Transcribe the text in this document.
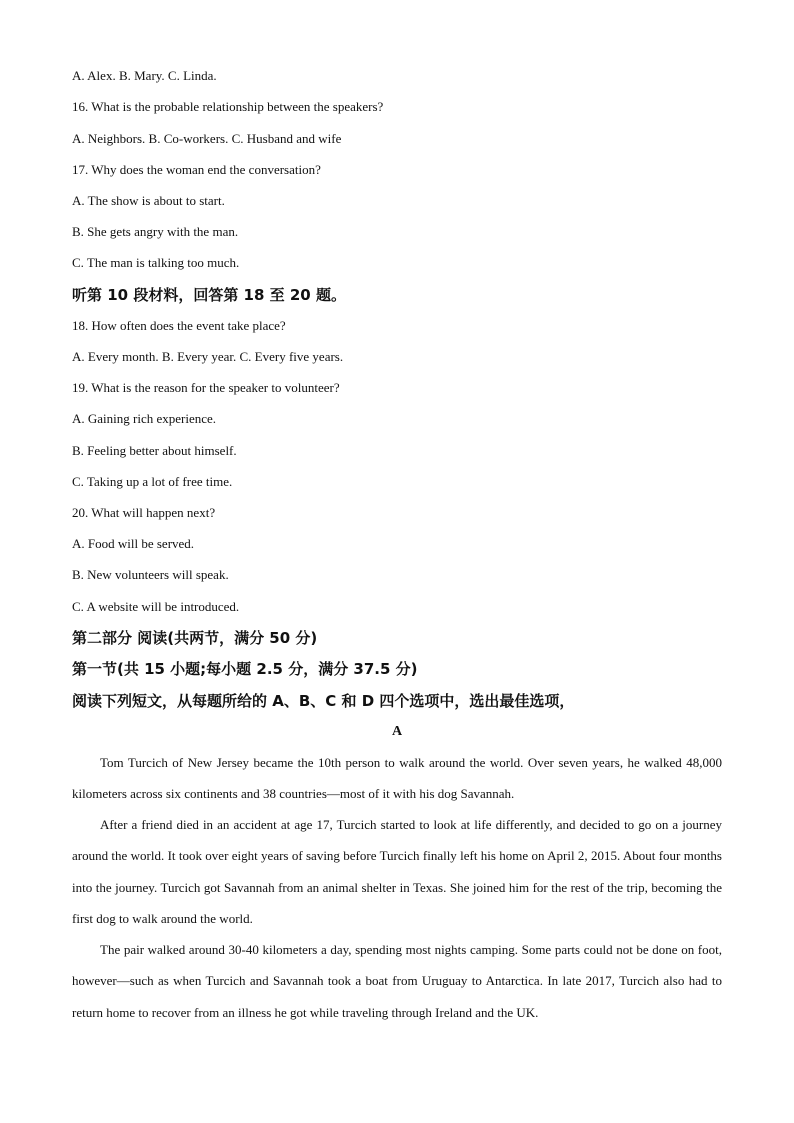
A. Alex. B. Mary. C. Linda.
16. What is the probable relationship between the speakers?
A. Neighbors. B. Co-workers. C. Husband and wife
17. Why does the woman end the conversation?
A. The show is about to start.
B. She gets angry with the man.
C. The man is talking too much.
听第 10 段材料，回答第 18 至 20 题。
18. How often does the event take place?
A. Every month. B. Every year. C. Every five years.
19. What is the reason for the speaker to volunteer?
A. Gaining rich experience.
B. Feeling better about himself.
C. Taking up a lot of free time.
20. What will happen next?
A. Food will be served.
B. New volunteers will speak.
C. A website will be introduced.
第二部分 阅读(共两节，满分 50 分)
第一节(共 15 小题;每小题 2.5 分，满分 37.5 分)
阅读下列短文，从每题所给的 A、B、C 和 D 四个选项中，选出最佳选项，
A

Tom Turcich of New Jersey became the 10th person to walk around the world. Over seven years, he walked 48,000 kilometers across six continents and 38 countries—most of it with his dog Savannah.

After a friend died in an accident at age 17, Turcich started to look at life differently, and decided to go on a journey around the world. It took over eight years of saving before Turcich finally left his home on April 2, 2015. About four months into the journey. Turcich got Savannah from an animal shelter in Texas. She joined him for the rest of the trip, becoming the first dog to walk around the world.

The pair walked around 30-40 kilometers a day, spending most nights camping. Some parts could not be done on foot, however—such as when Turcich and Savannah took a boat from Uruguay to Antarctica. In late 2017, Turcich also had to return home to recover from an illness he got while traveling through Ireland and the UK.
